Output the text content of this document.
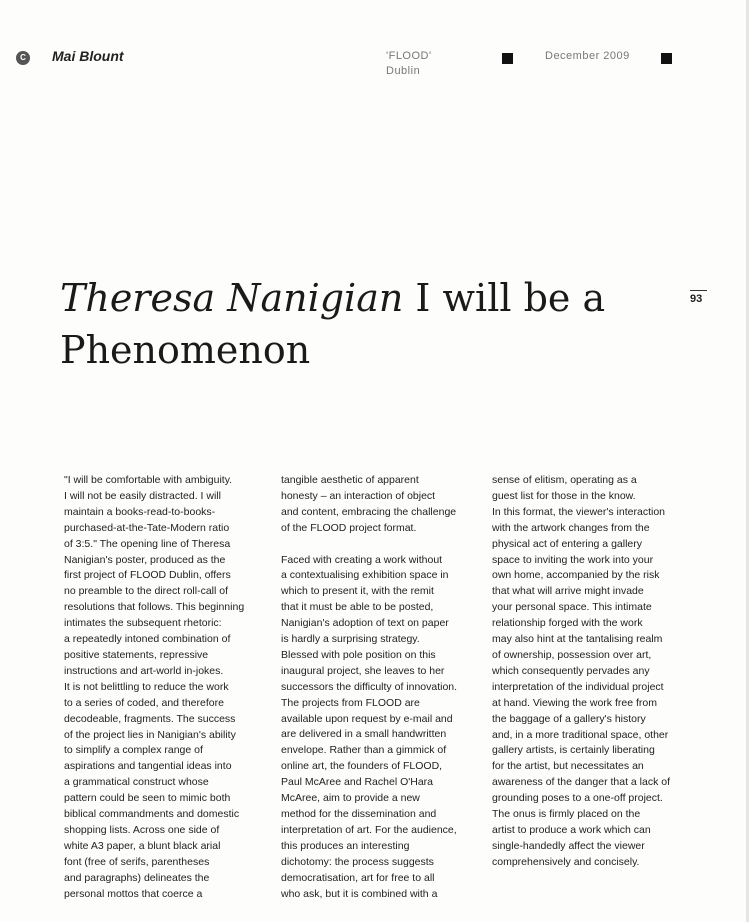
C Mai Blount	'FLOOD'
Dublin
December 2009
93
Theresa Nanigian I will be a Phenomenon
"I will be comfortable with ambiguity.
I will not be easily distracted. I will
maintain a books-read-to-books-
purchased-at-the-Tate-Modern ratio
of 3:5." The opening line of Theresa
Nanigian's poster, produced as the
first project of FLOOD Dublin, offers
no preamble to the direct roll-call of
resolutions that follows. This beginning
intimates the subsequent rhetoric:
a repeatedly intoned combination of
positive statements, repressive
instructions and art-world in-jokes.
It is not belittling to reduce the work
to a series of coded, and therefore
decodeable, fragments. The success
of the project lies in Nanigian's ability
to simplify a complex range of
aspirations and tangential ideas into
a grammatical construct whose
pattern could be seen to mimic both
biblical commandments and domestic
shopping lists. Across one side of
white A3 paper, a blunt black arial
font (free of serifs, parentheses
and paragraphs) delineates the
personal mottos that coerce a
tangible aesthetic of apparent
honesty – an interaction of object
and content, embracing the challenge
of the FLOOD project format.
Faced with creating a work without
a contextualising exhibition space in
which to present it, with the remit
that it must be able to be posted,
Nanigian's adoption of text on paper
is hardly a surprising strategy.
Blessed with pole position on this
inaugural project, she leaves to her
successors the difficulty of innovation.
The projects from FLOOD are
available upon request by e-mail and
are delivered in a small handwritten
envelope. Rather than a gimmick of
online art, the founders of FLOOD,
Paul McAree and Rachel O'Hara
McAree, aim to provide a new
method for the dissemination and
interpretation of art. For the audience,
this produces an interesting
dichotomy: the process suggests
democratisation, art for free to all
who ask, but it is combined with a
sense of elitism, operating as a
guest list for those in the know.
In this format, the viewer's interaction
with the artwork changes from the
physical act of entering a gallery
space to inviting the work into your
own home, accompanied by the risk
that what will arrive might invade
your personal space. This intimate
relationship forged with the work
may also hint at the tantalising realm
of ownership, possession over art,
which consequently pervades any
interpretation of the individual project
at hand. Viewing the work free from
the baggage of a gallery's history
and, in a more traditional space, other
gallery artists, is certainly liberating
for the artist, but necessitates an
awareness of the danger that a lack of
grounding poses to a one-off project.
The onus is firmly placed on the
artist to produce a work which can
single-handedly affect the viewer
comprehensively and concisely.
